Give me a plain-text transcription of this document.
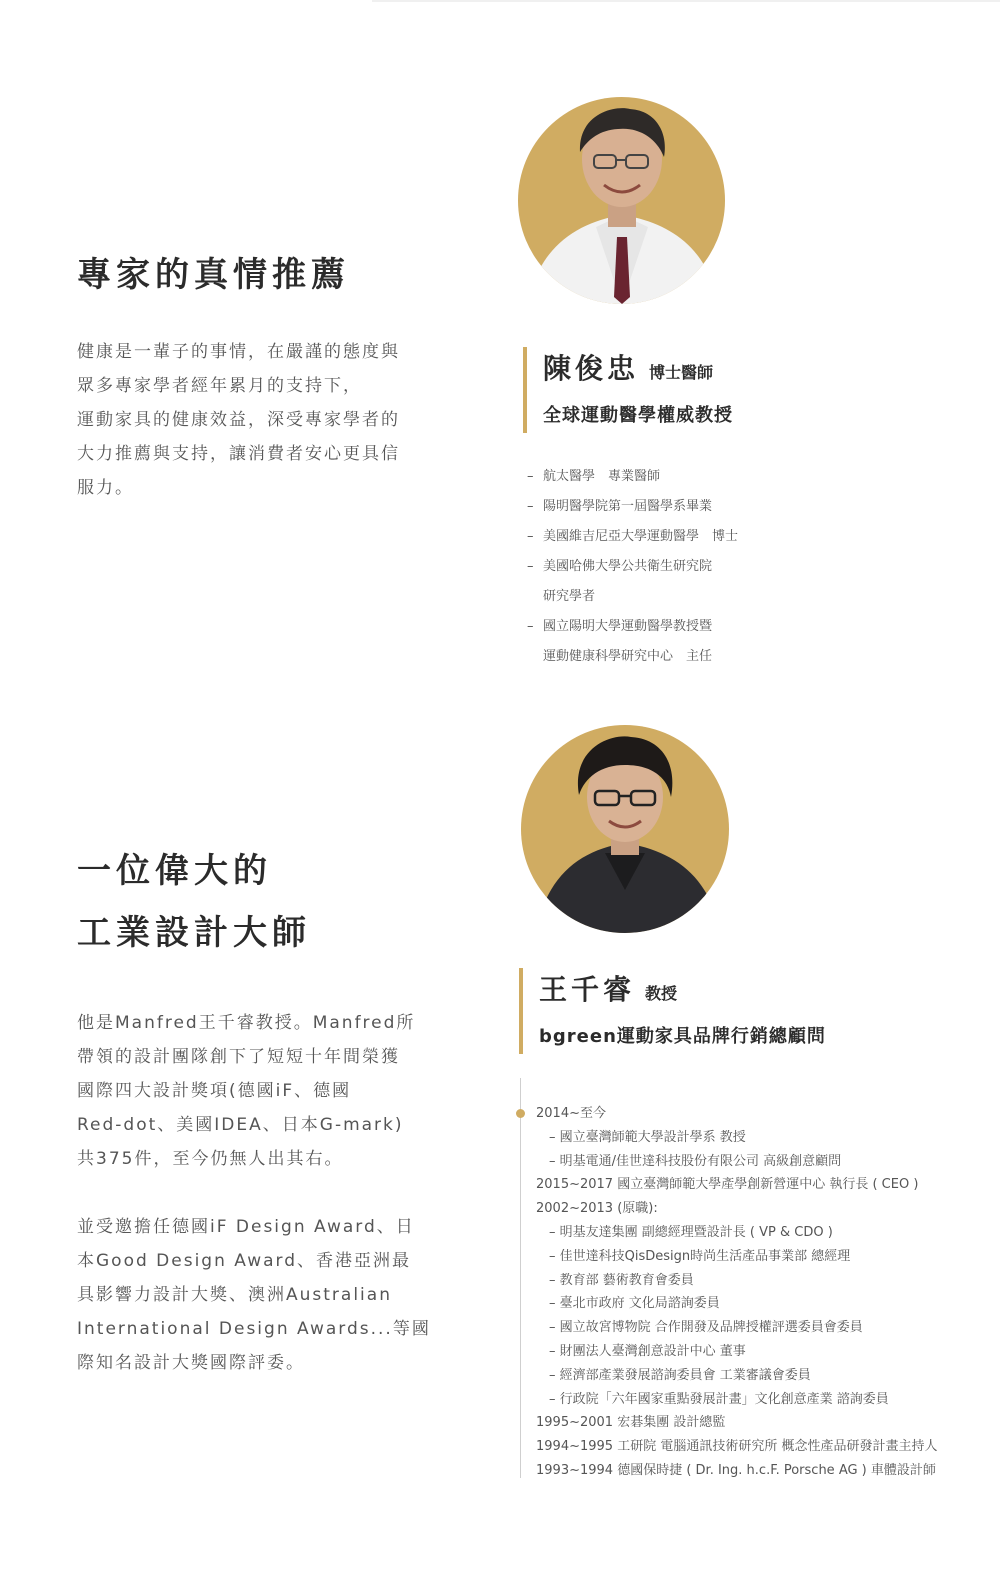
專家的真情推薦

健康是一輩子的事情，在嚴謹的態度與

眾多專家學者經年累月的支持下，

運動家具的健康效益，深受專家學者的

大力推薦與支持，讓消費者安心更具信

服力。

陳俊忠 博士醫師
全球運動醫學權威教授
– 航太醫學　專業醫師
– 陽明醫學院第一屆醫學系畢業
– 美國維吉尼亞大學運動醫學　博士
– 美國哈佛大學公共衛生研究院
研究學者
– 國立陽明大學運動醫學教授暨
運動健康科學研究中心　主任
一位偉大的
工業設計大師

他是Manfred王千睿教授。Manfred所

帶領的設計團隊創下了短短十年間榮獲

國際四大設計獎項(德國iF、德國

Red-dot、美國IDEA、日本G-mark)

共375件，至今仍無人出其右。

並受邀擔任德國iF Design Award、日

本Good Design Award、香港亞洲最

具影響力設計大獎、澳洲Australian

International Design Awards...等國

際知名設計大獎國際評委。

王千睿 教授
bgreen運動家具品牌行銷總顧問
2014~至今
– 國立臺灣師範大學設計學系 教授
– 明基電通/佳世達科技股份有限公司 高級創意顧問
2015~2017 國立臺灣師範大學產學創新營運中心 執行長 ( CEO )
2002~2013 (原職):
– 明基友達集團 副總經理暨設計長 ( VP & CDO )
– 佳世達科技QisDesign時尚生活產品事業部 總經理
– 教育部 藝術教育會委員
– 臺北市政府 文化局諮詢委員
– 國立故宮博物院 合作開發及品牌授權評選委員會委員
– 財團法人臺灣創意設計中心 董事
– 經濟部產業發展諮詢委員會 工業審議會委員
– 行政院「六年國家重點發展計畫」文化創意產業 諮詢委員
1995~2001 宏碁集團 設計總監
1994~1995 工研院 電腦通訊技術研究所 概念性產品研發計畫主持人
1993~1994 德國保時捷 ( Dr. Ing. h.c.F. Porsche AG ) 車體設計師
